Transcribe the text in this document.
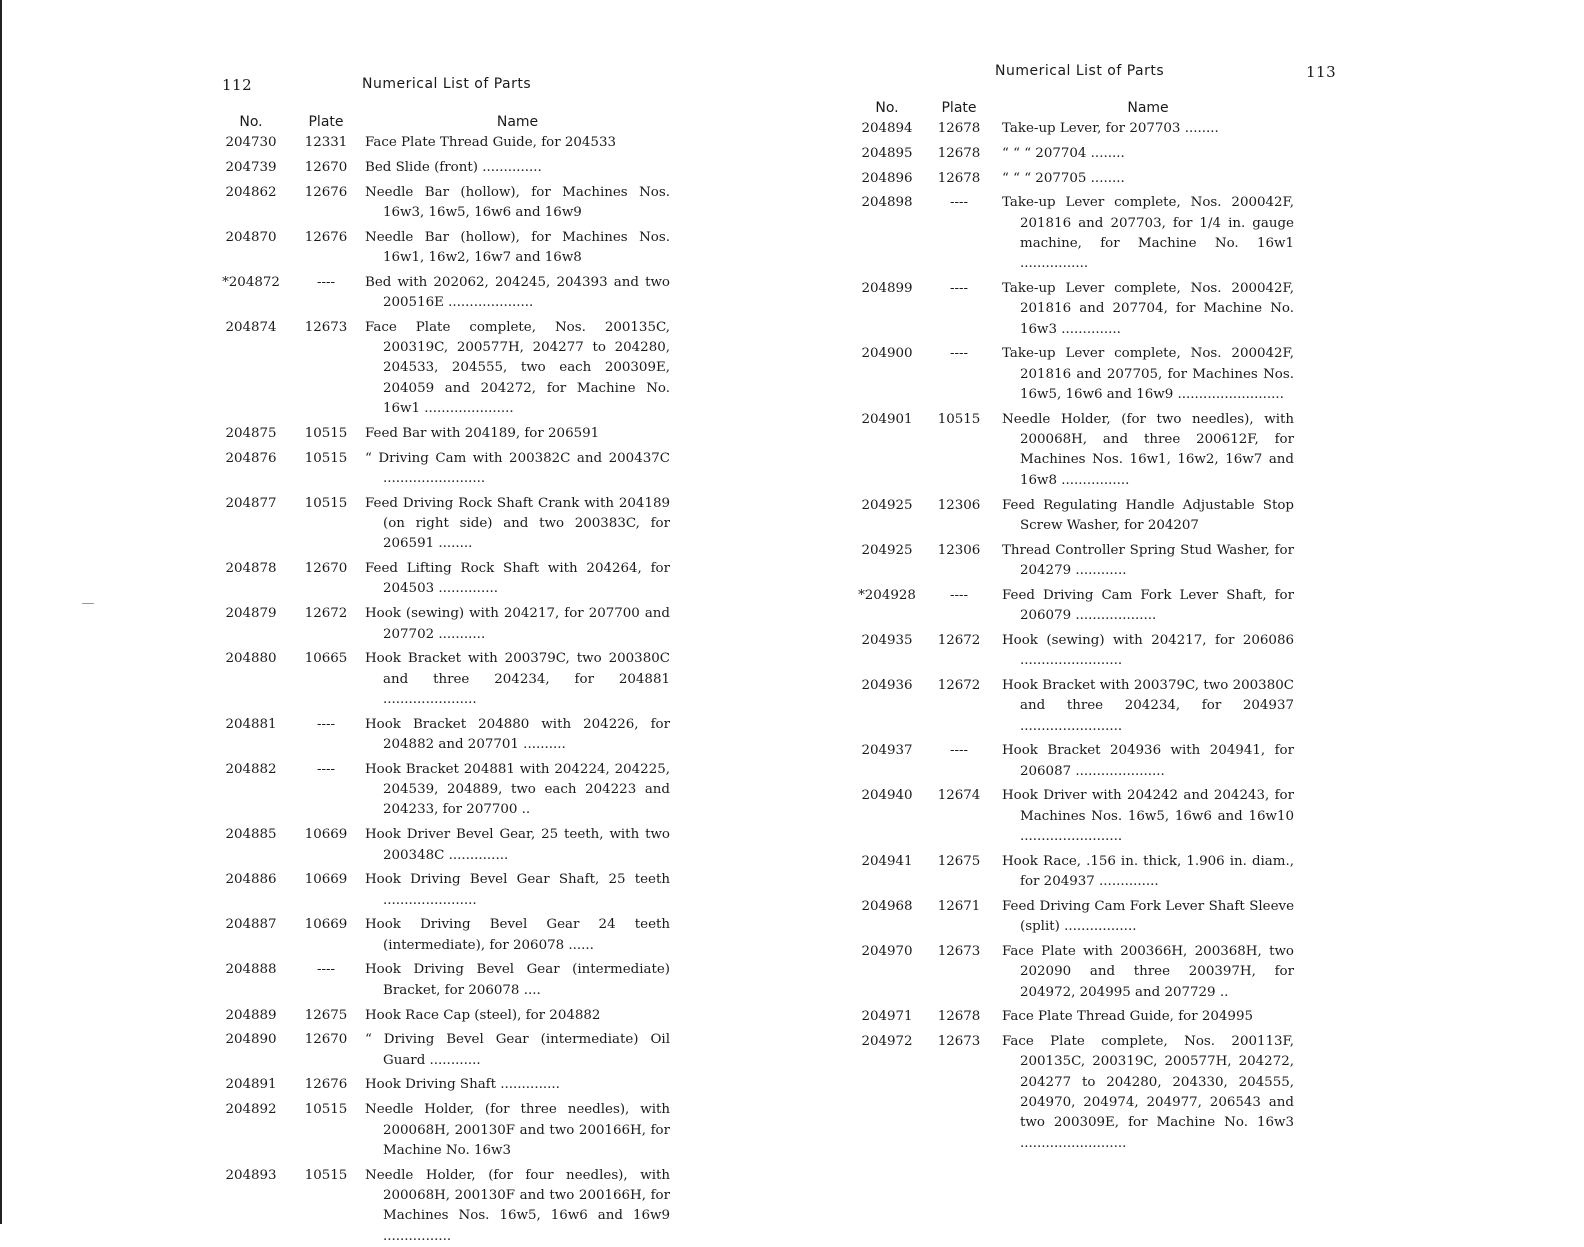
112	Numerical List of Parts
No.	Plate	Name
204730	12331	Face Plate Thread Guide, for 204533
204739	12670	Bed Slide (front) ..............
204862	12676	Needle Bar (hollow), for Machines Nos. 16w3, 16w5, 16w6 and 16w9
204870	12676	Needle Bar (hollow), for Machines Nos. 16w1, 16w2, 16w7 and 16w8
*204872	----	Bed with 202062, 204245, 204393 and two 200516E ....................
204874	12673	Face Plate complete, Nos. 200135C, 200319C, 200577H, 204277 to 204280, 204533, 204555, two each 200309E, 204059 and 204272, for Machine No. 16w1 .....................
204875	10515	Feed Bar with 204189, for 206591
204876	10515	“ Driving Cam with 200382C and 200437C ........................
204877	10515	Feed Driving Rock Shaft Crank with 204189 (on right side) and two 200383C, for 206591 ........
204878	12670	Feed Lifting Rock Shaft with 204264, for 204503 ..............
204879	12672	Hook (sewing) with 204217, for 207700 and 207702 ...........
204880	10665	Hook Bracket with 200379C, two 200380C and three 204234, for 204881 ......................
204881	----	Hook Bracket 204880 with 204226, for 204882 and 207701 ..........
204882	----	Hook Bracket 204881 with 204224, 204225, 204539, 204889, two each 204223 and 204233, for 207700 ..
204885	10669	Hook Driver Bevel Gear, 25 teeth, with two 200348C ..............
204886	10669	Hook Driving Bevel Gear Shaft, 25 teeth ......................
204887	10669	Hook Driving Bevel Gear 24 teeth (intermediate), for 206078 ......
204888	----	Hook Driving Bevel Gear (intermediate) Bracket, for 206078 ....
204889	12675	Hook Race Cap (steel), for 204882
204890	12670	“ Driving Bevel Gear (intermediate) Oil Guard ............
204891	12676	Hook Driving Shaft ..............
204892	10515	Needle Holder, (for three needles), with 200068H, 200130F and two 200166H, for Machine No. 16w3
204893	10515	Needle Holder, (for four needles), with 200068H, 200130F and two 200166H, for Machines Nos. 16w5, 16w6 and 16w9 ................
Numerical List of Parts	113
No.	Plate	Name
204894	12678	Take-up Lever, for 207703 ........
204895	12678	“ “ “ 207704 ........
204896	12678	“ “ “ 207705 ........
204898	----	Take-up Lever complete, Nos. 200042F, 201816 and 207703, for 1/4 in. gauge machine, for Machine No. 16w1 ................
204899	----	Take-up Lever complete, Nos. 200042F, 201816 and 207704, for Machine No. 16w3 ..............
204900	----	Take-up Lever complete, Nos. 200042F, 201816 and 207705, for Machines Nos. 16w5, 16w6 and 16w9 .........................
204901	10515	Needle Holder, (for two needles), with 200068H, and three 200612F, for Machines Nos. 16w1, 16w2, 16w7 and 16w8 ................
204925	12306	Feed Regulating Handle Adjustable Stop Screw Washer, for 204207
204925	12306	Thread Controller Spring Stud Washer, for 204279 ............
*204928	----	Feed Driving Cam Fork Lever Shaft, for 206079 ...................
204935	12672	Hook (sewing) with 204217, for 206086 ........................
204936	12672	Hook Bracket with 200379C, two 200380C and three 204234, for 204937 ........................
204937	----	Hook Bracket 204936 with 204941, for 206087 .....................
204940	12674	Hook Driver with 204242 and 204243, for Machines Nos. 16w5, 16w6 and 16w10 ........................
204941	12675	Hook Race, .156 in. thick, 1.906 in. diam., for 204937 ..............
204968	12671	Feed Driving Cam Fork Lever Shaft Sleeve (split) .................
204970	12673	Face Plate with 200366H, 200368H, two 202090 and three 200397H, for 204972, 204995 and 207729 ..
204971	12678	Face Plate Thread Guide, for 204995
204972	12673	Face Plate complete, Nos. 200113F, 200135C, 200319C, 200577H, 204272, 204277 to 204280, 204330, 204555, 204970, 204974, 204977, 206543 and two 200309E, for Machine No. 16w3 .........................
